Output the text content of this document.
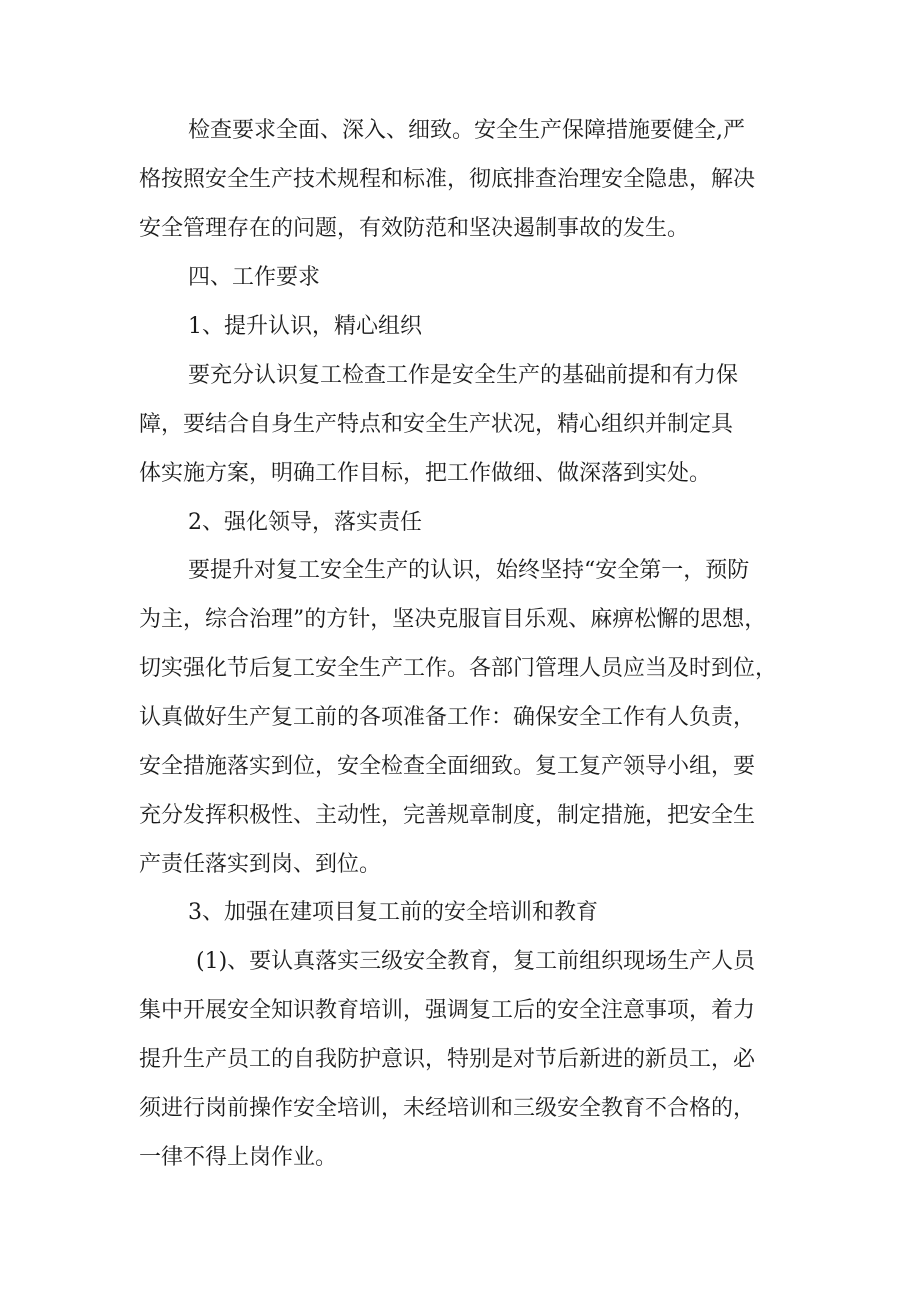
检查要求全面、深入、细致。安全生产保障措施要健全,严
格按照安全生产技术规程和标准，彻底排查治理安全隐患，解决
安全管理存在的问题，有效防范和坚决遏制事故的发生。
四、工作要求
1、提升认识，精心组织
要充分认识复工检查工作是安全生产的基础前提和有力保
障，要结合自身生产特点和安全生产状况，精心组织并制定具
体实施方案，明确工作目标，把工作做细、做深落到实处。
2、强化领导，落实责任
要提升对复工安全生产的认识，始终坚持“安全第一，预防
为主，综合治理”的方针，坚决克服盲目乐观、麻痹松懈的思想，
切实强化节后复工安全生产工作。各部门管理人员应当及时到位，
认真做好生产复工前的各项准备工作：确保安全工作有人负责，
安全措施落实到位，安全检查全面细致。复工复产领导小组，要
充分发挥积极性、主动性，完善规章制度，制定措施，把安全生
产责任落实到岗、到位。
3、加强在建项目复工前的安全培训和教育
(1)、要认真落实三级安全教育，复工前组织现场生产人员
集中开展安全知识教育培训，强调复工后的安全注意事项，着力
提升生产员工的自我防护意识，特别是对节后新进的新员工，必
须进行岗前操作安全培训，未经培训和三级安全教育不合格的，
一律不得上岗作业。
